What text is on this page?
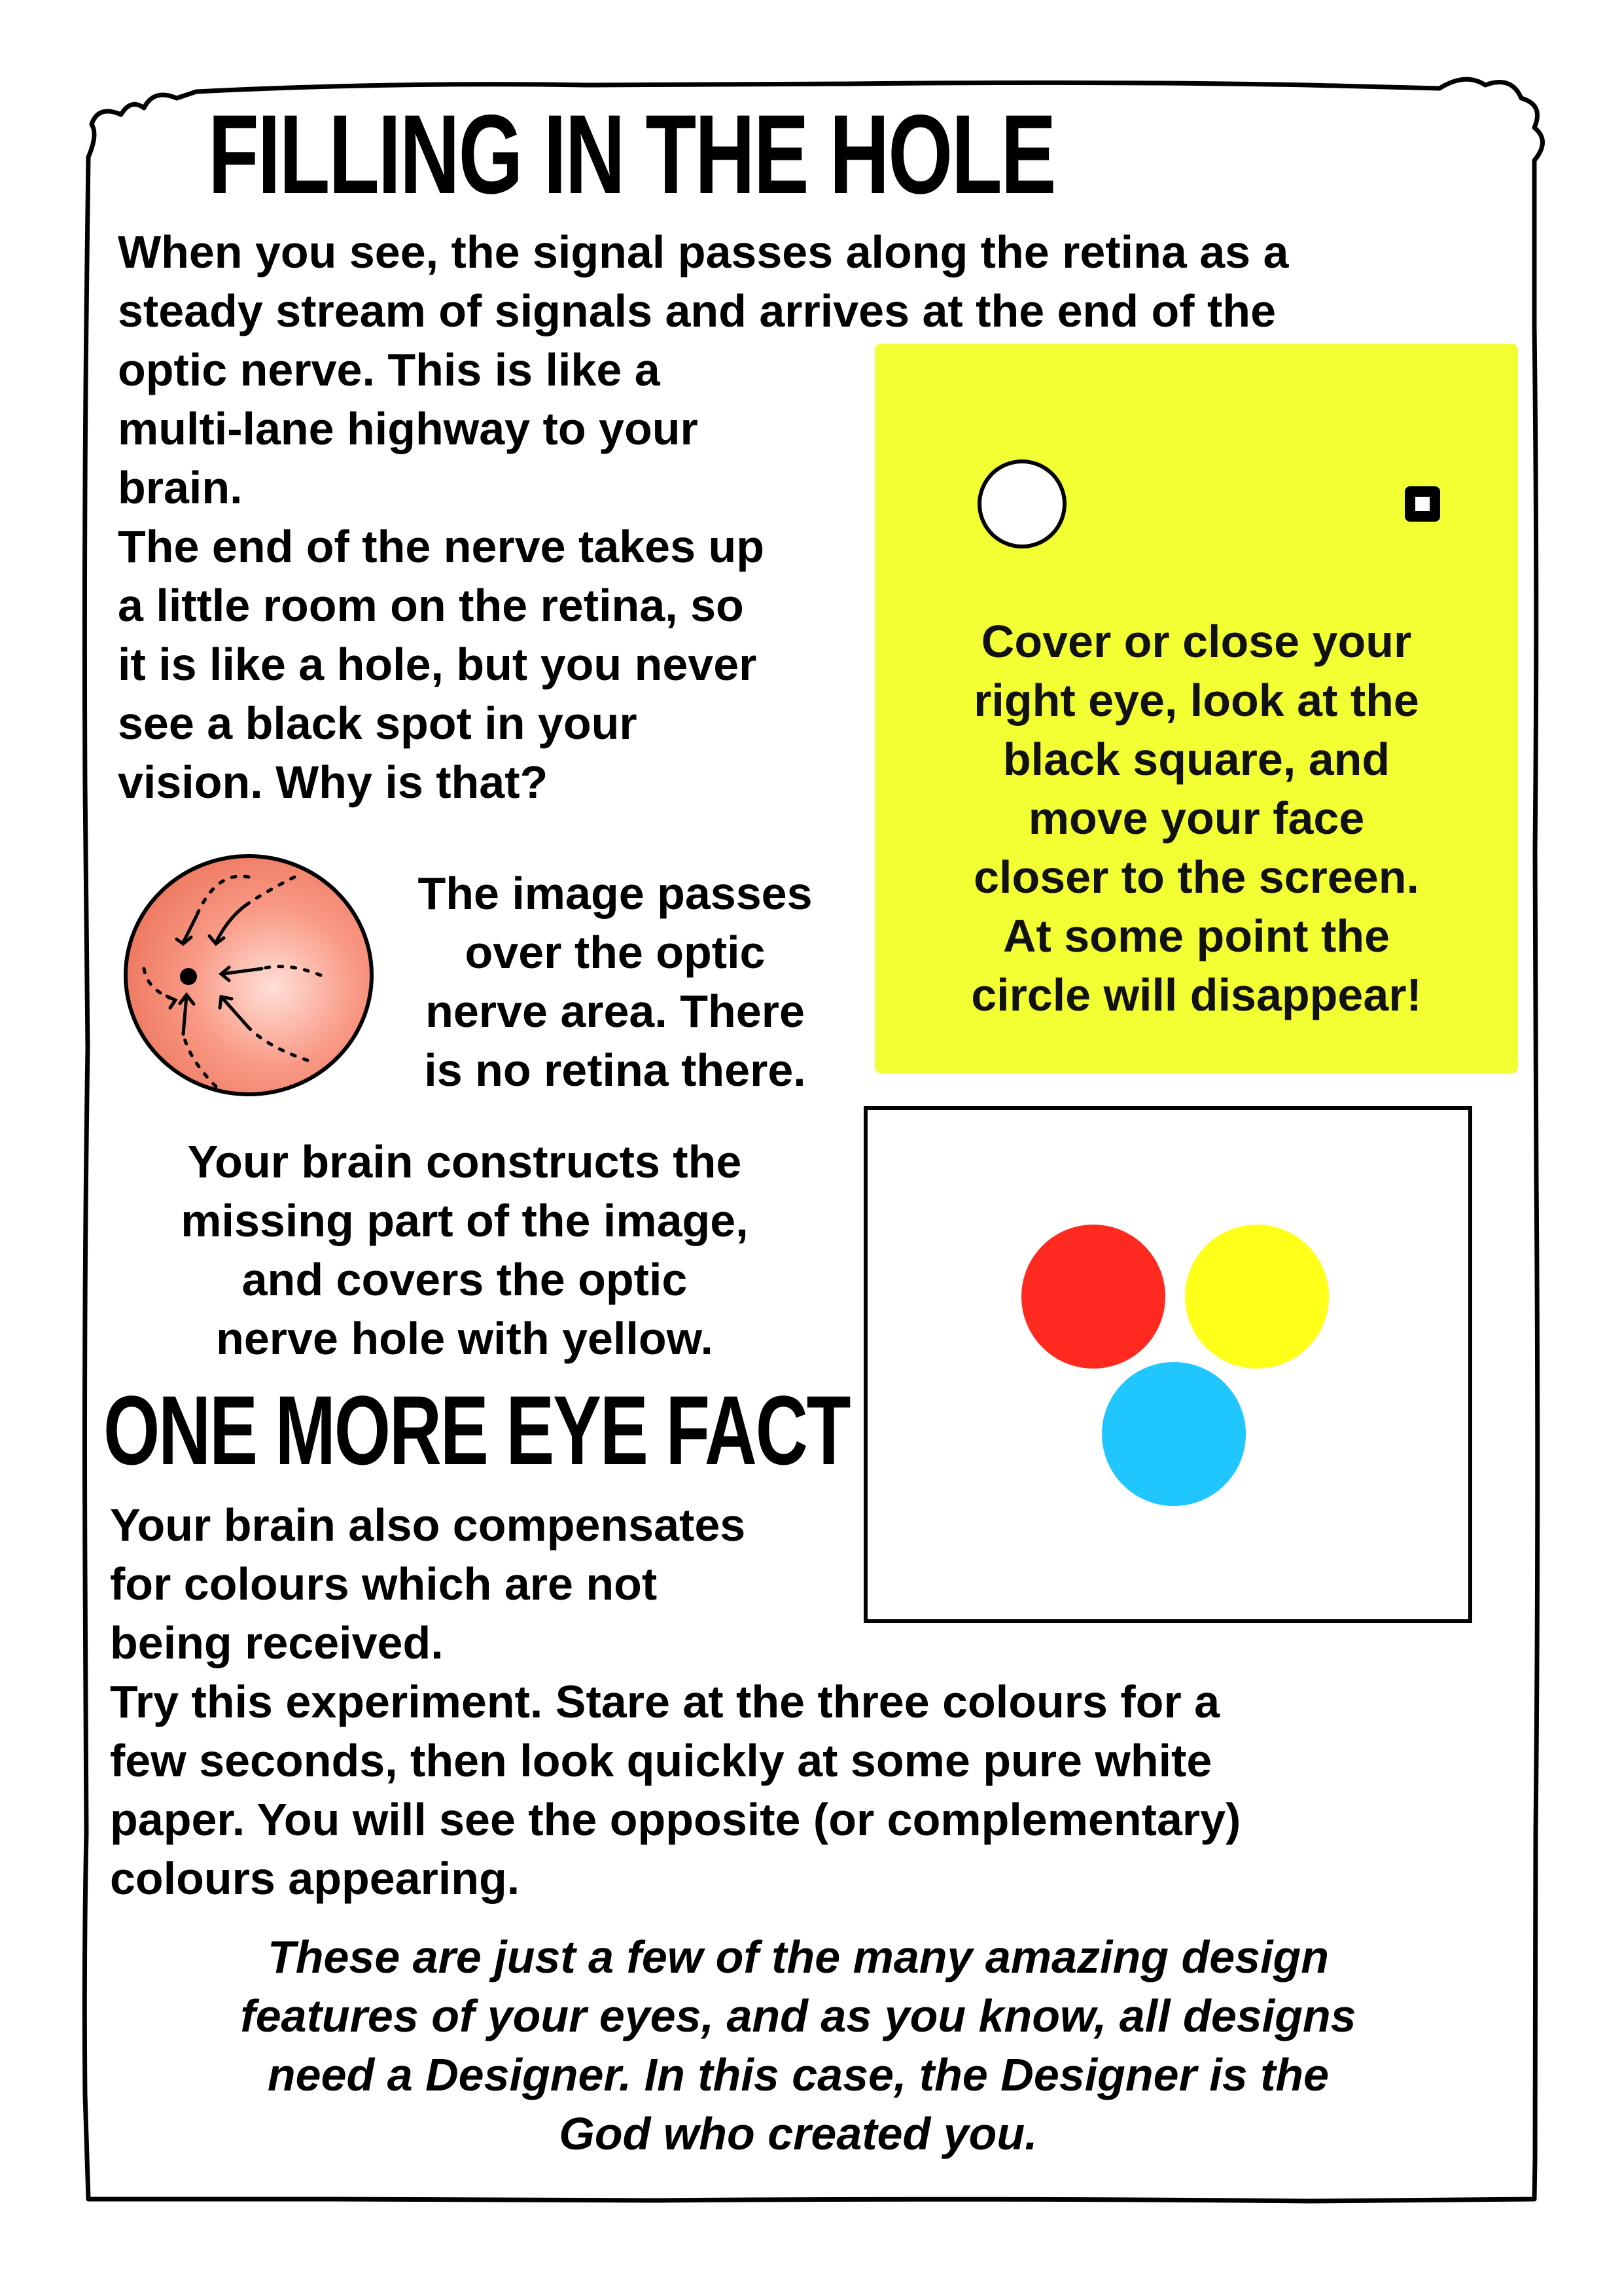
FILLING IN THE HOLE

When you see, the signal passes along the retina as a

steady stream of signals and arrives at the end of the

optic nerve. This is like a

multi-lane highway to your

brain.

The end of the nerve takes up

a little room on the retina, so

it is like a hole, but you never

see a black spot in your

vision. Why is that?

Cover or close your
right eye, look at the
black square, and
move your face
closer to the screen.
At some point the
circle will disappear!
The image passes
over the optic
nerve area. There
is no retina there.
Your brain constructs the
missing part of the image,
and covers the optic
nerve hole with yellow.
ONE MORE EYE FACT

Your brain also compensates

for colours which are not

being received.

Try this experiment. Stare at the three colours for a

few seconds, then look quickly at some pure white

paper. You will see the opposite (or complementary)

colours appearing.

These are just a few of the many amazing design
features of your eyes, and as you know, all designs
need a Designer. In this case, the Designer is the
God who created you.
